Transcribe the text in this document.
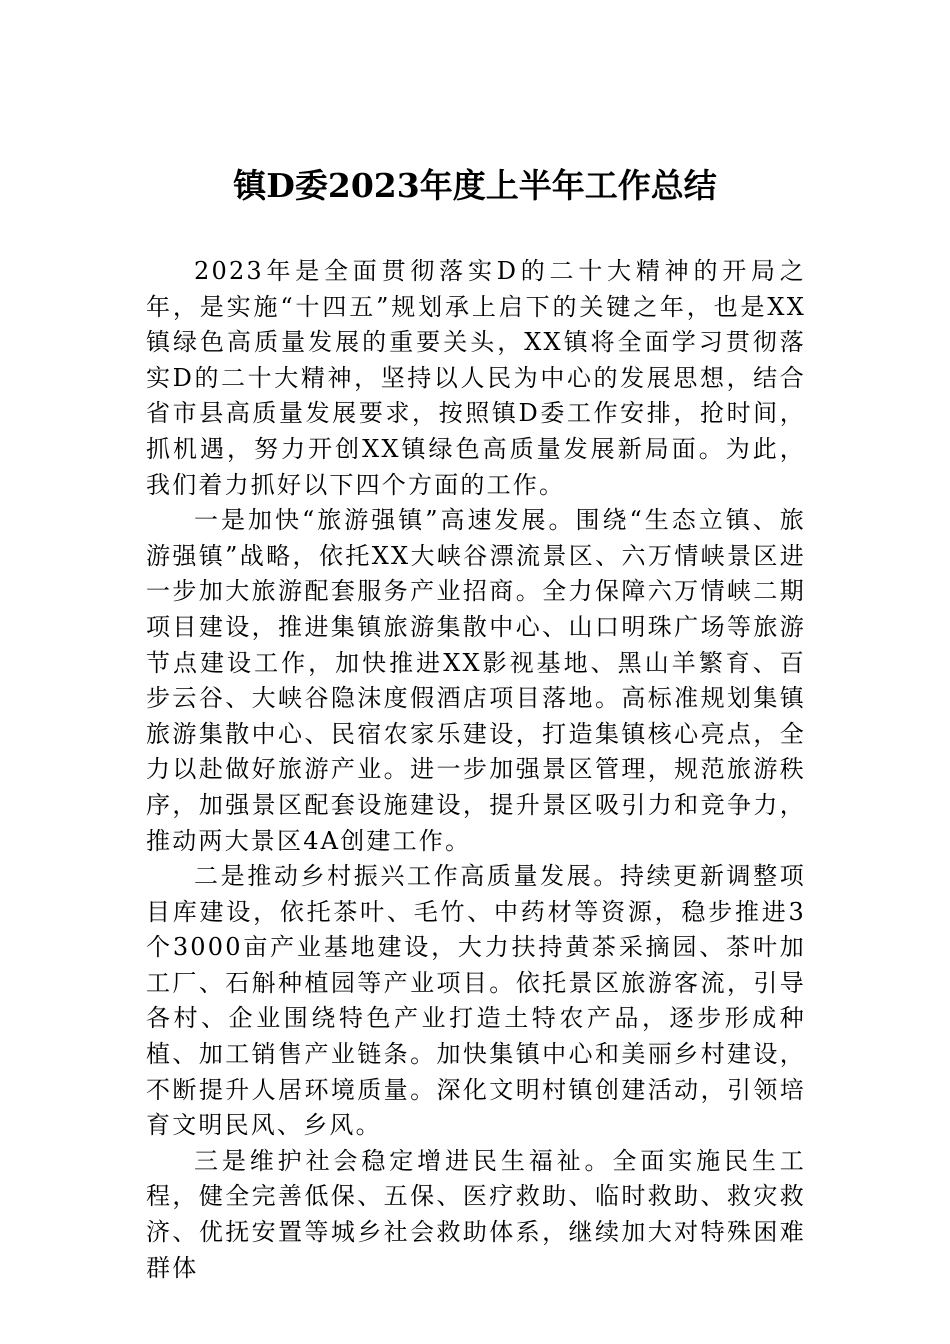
镇D委2023年度上半年工作总结

2023年是全面贯彻落实D的二十大精神的开局之年，是实施“十四五”规划承上启下的关键之年，也是XX镇绿色高质量发展的重要关头，XX镇将全面学习贯彻落实D的二十大精神，坚持以人民为中心的发展思想，结合省市县高质量发展要求，按照镇D委工作安排，抢时间，抓机遇，努力开创XX镇绿色高质量发展新局面。为此，我们着力抓好以下四个方面的工作。

一是加快“旅游强镇”高速发展。围绕“生态立镇、旅游强镇”战略，依托XX大峡谷漂流景区、六万情峡景区进一步加大旅游配套服务产业招商。全力保障六万情峡二期项目建设，推进集镇旅游集散中心、山口明珠广场等旅游节点建设工作，加快推进XX影视基地、黑山羊繁育、百步云谷、大峡谷隐沫度假酒店项目落地。高标准规划集镇旅游集散中心、民宿农家乐建设，打造集镇核心亮点，全力以赴做好旅游产业。进一步加强景区管理，规范旅游秩序，加强景区配套设施建设，提升景区吸引力和竞争力，推动两大景区4A创建工作。

二是推动乡村振兴工作高质量发展。持续更新调整项目库建设，依托茶叶、毛竹、中药材等资源，稳步推进3个3000亩产业基地建设，大力扶持黄茶采摘园、茶叶加工厂、石斛种植园等产业项目。依托景区旅游客流，引导各村、企业围绕特色产业打造土特农产品，逐步形成种植、加工销售产业链条。加快集镇中心和美丽乡村建设，不断提升人居环境质量。深化文明村镇创建活动，引领培育文明民风、乡风。

三是维护社会稳定增进民生福祉。全面实施民生工程，健全完善低保、五保、医疗救助、临时救助、救灾救济、优抚安置等城乡社会救助体系，继续加大对特殊困难群体
